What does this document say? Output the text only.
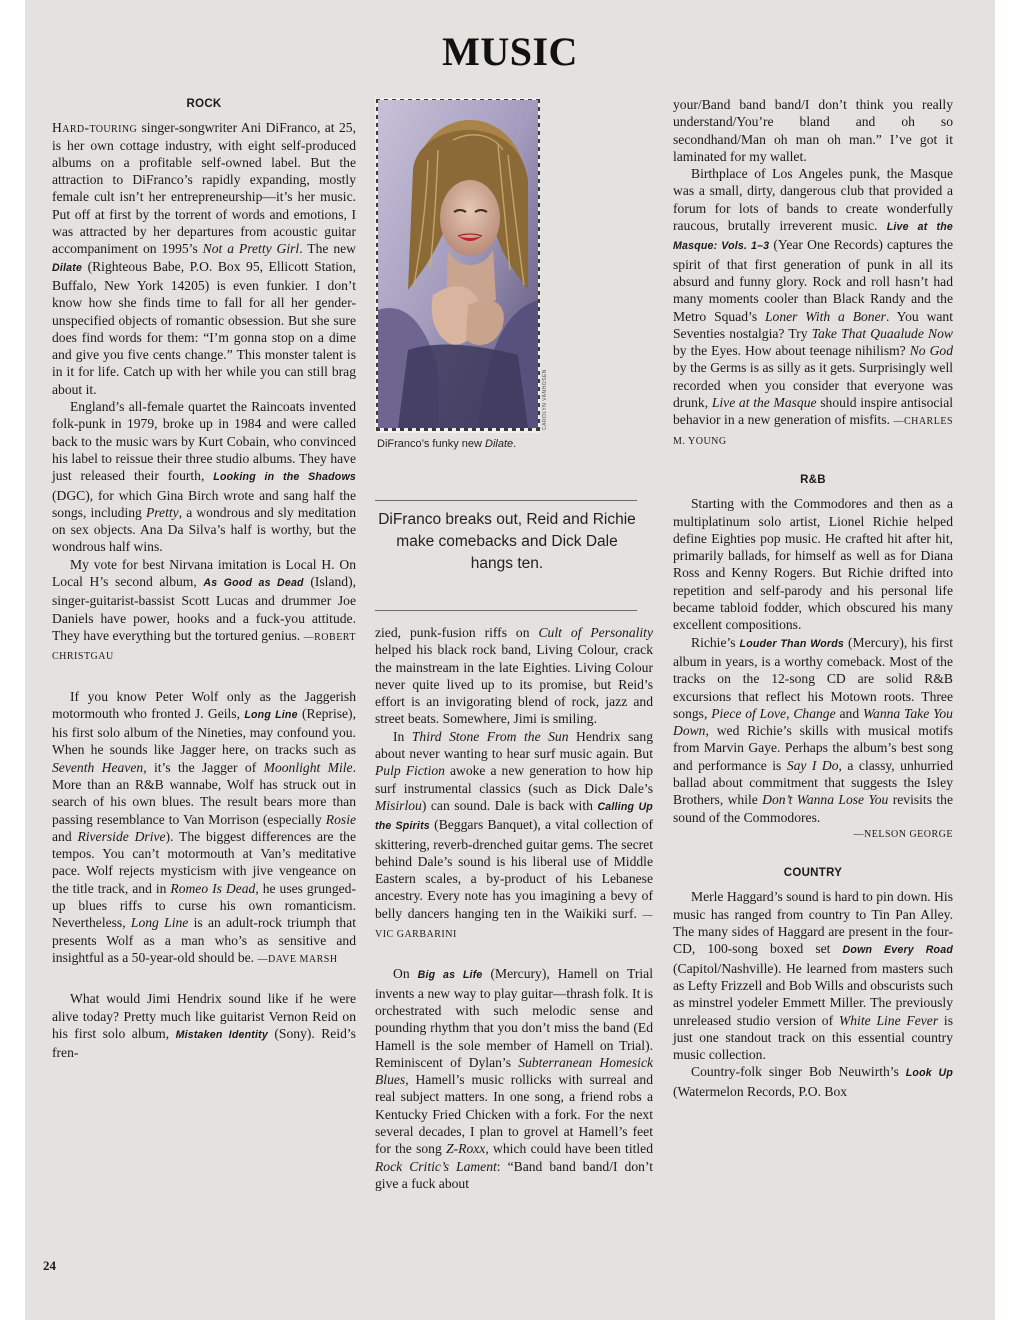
MUSIC
ROCK

Hard-touring singer-songwriter Ani DiFranco, at 25, is her own cottage industry, with eight self-produced albums on a profitable self-owned label. But the attraction to DiFranco’s rapidly expanding, mostly female cult isn’t her entrepreneurship—it’s her music. Put off at first by the torrent of words and emotions, I was attracted by her departures from acoustic guitar accompaniment on 1995’s Not a Pretty Girl. The new Dilate (Righteous Babe, P.O. Box 95, Ellicott Station, Buffalo, New York 14205) is even funkier. I don’t know how she finds time to fall for all her gender-unspecified objects of romantic obsession. But she sure does find words for them: “I’m gonna stop on a dime and give you five cents change.” This monster talent is in it for life. Catch up with her while you can still brag about it.

England’s all-female quartet the Raincoats invented folk-punk in 1979, broke up in 1984 and were called back to the music wars by Kurt Cobain, who convinced his label to reissue their three studio albums. They have just released their fourth, Looking in the Shadows (DGC), for which Gina Birch wrote and sang half the songs, including Pretty, a wondrous and sly meditation on sex objects. Ana Da Silva’s half is worthy, but the wondrous half wins.

My vote for best Nirvana imitation is Local H. On Local H’s second album, As Good as Dead (Island), singer-guitarist-bassist Scott Lucas and drummer Joe Daniels have power, hooks and a fuck-you attitude. They have everything but the tortured genius. —ROBERT CHRISTGAU

If you know Peter Wolf only as the Jaggerish motormouth who fronted J. Geils, Long Line (Reprise), his first solo album of the Nineties, may confound you. When he sounds like Jagger here, on tracks such as Seventh Heaven, it’s the Jagger of Moonlight Mile. More than an R&B wannabe, Wolf has struck out in search of his own blues. The result bears more than passing resemblance to Van Morrison (especially Rosie and Riverside Drive). The biggest differences are the tempos. You can’t motormouth at Van’s meditative pace. Wolf rejects mysticism with jive vengeance on the title track, and in Romeo Is Dead, he uses grunged-up blues riffs to curse his own romanticism. Nevertheless, Long Line is an adult-rock triumph that presents Wolf as a man who’s as sensitive and insightful as a 50-year-old should be. —DAVE MARSH

What would Jimi Hendrix sound like if he were alive today? Pretty much like guitarist Vernon Reid on his first solo album, Mistaken Identity (Sony). Reid’s fren-

CAROLYN VANHOSEN
DiFranco’s funky new Dilate.
DiFranco breaks out, Reid and Richie make comebacks and Dick Dale hangs ten.

zied, punk-fusion riffs on Cult of Personality helped his black rock band, Living Colour, crack the mainstream in the late Eighties. Living Colour never quite lived up to its promise, but Reid’s effort is an invigorating blend of rock, jazz and street beats. Somewhere, Jimi is smiling.

In Third Stone From the Sun Hendrix sang about never wanting to hear surf music again. But Pulp Fiction awoke a new generation to how hip surf instrumental classics (such as Dick Dale’s Misirlou) can sound. Dale is back with Calling Up the Spirits (Beggars Banquet), a vital collection of skittering, reverb-drenched guitar gems. The secret behind Dale’s sound is his liberal use of Middle Eastern scales, a by-product of his Lebanese ancestry. Every note has you imagining a bevy of belly dancers hanging ten in the Waikiki surf. —VIC GARBARINI

On Big as Life (Mercury), Hamell on Trial invents a new way to play guitar—thrash folk. It is orchestrated with such melodic sense and pounding rhythm that you don’t miss the band (Ed Hamell is the sole member of Hamell on Trial). Reminiscent of Dylan’s Subterranean Homesick Blues, Hamell’s music rollicks with surreal and real subject matters. In one song, a friend robs a Kentucky Fried Chicken with a fork. For the next several decades, I plan to grovel at Hamell’s feet for the song Z-Roxx, which could have been titled Rock Critic’s Lament: “Band band band/I don’t give a fuck about

your/Band band band/I don’t think you really understand/You’re bland and oh so secondhand/Man oh man oh man.” I’ve got it laminated for my wallet.

Birthplace of Los Angeles punk, the Masque was a small, dirty, dangerous club that provided a forum for lots of bands to create wonderfully raucous, brutally irreverent music. Live at the Masque: Vols. 1–3 (Year One Records) captures the spirit of that first generation of punk in all its absurd and funny glory. Rock and roll hasn’t had many moments cooler than Black Randy and the Metro Squad’s Loner With a Boner. You want Seventies nostalgia? Try Take That Quaalude Now by the Eyes. How about teenage nihilism? No God by the Germs is as silly as it gets. Surprisingly well recorded when you consider that everyone was drunk, Live at the Masque should inspire antisocial behavior in a new generation of misfits. —CHARLES M. YOUNG

R&B

Starting with the Commodores and then as a multiplatinum solo artist, Lionel Richie helped define Eighties pop music. He crafted hit after hit, primarily ballads, for himself as well as for Diana Ross and Kenny Rogers. But Richie drifted into repetition and self-parody and his personal life became tabloid fodder, which obscured his many excellent compositions.

Richie’s Louder Than Words (Mercury), his first album in years, is a worthy comeback. Most of the tracks on the 12-song CD are solid R&B excursions that reflect his Motown roots. Three songs, Piece of Love, Change and Wanna Take You Down, wed Richie’s skills with musical motifs from Marvin Gaye. Perhaps the album’s best song and performance is Say I Do, a classy, unhurried ballad about commitment that suggests the Isley Brothers, while Don’t Wanna Lose You revisits the sound of the Commodores.

—NELSON GEORGE
COUNTRY

Merle Haggard’s sound is hard to pin down. His music has ranged from country to Tin Pan Alley. The many sides of Haggard are present in the four-CD, 100-song boxed set Down Every Road (Capitol/Nashville). He learned from masters such as Lefty Frizzell and Bob Wills and obscurists such as minstrel yodeler Emmett Miller. The previously unreleased studio version of White Line Fever is just one standout track on this essential country music collection.

Country-folk singer Bob Neuwirth’s Look Up (Watermelon Records, P.O. Box

24
